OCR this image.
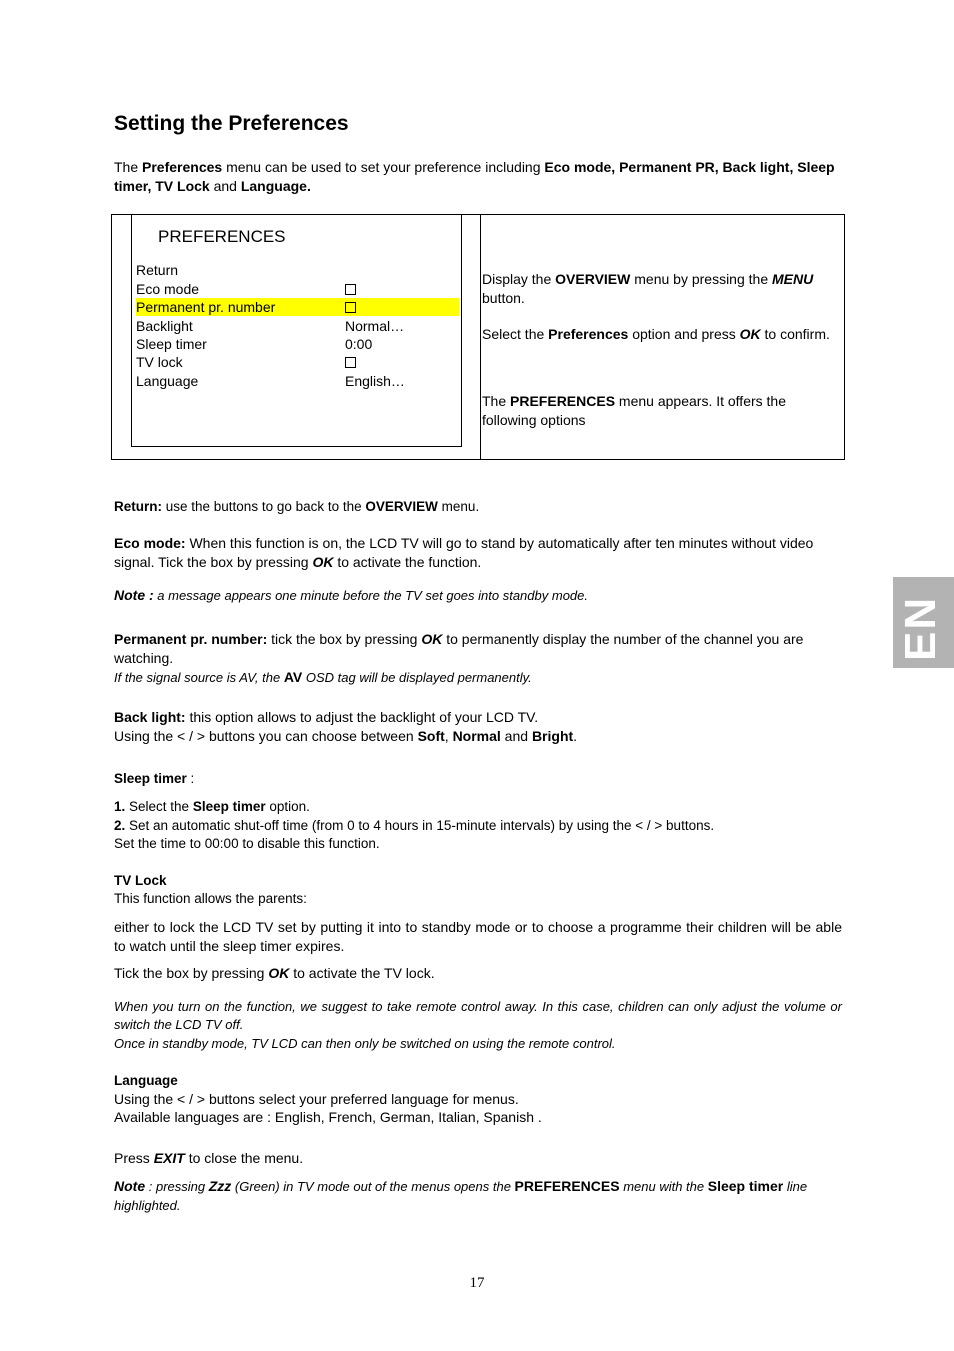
Setting the Preferences
The Preferences menu can be used to set your preference including Eco mode, Permanent PR, Back light, Sleep timer, TV Lock and Language.
PREFERENCES
Return
Eco mode
Permanent pr. number
Backlight	Normal…
Sleep timer	0:00
TV lock
Language	English…
Display the OVERVIEW menu by pressing the MENU button.
Select the Preferences option and press OK to confirm.
The PREFERENCES menu appears. It offers the following options
Return: use the buttons to go back to the OVERVIEW menu.
Eco mode: When this function is on, the LCD TV will go to stand by automatically after ten minutes without video signal. Tick the box by pressing OK to activate the function.
Note : a message appears one minute before the TV set goes into standby mode.
Permanent pr. number: tick the box by pressing OK to permanently display the number of the channel you are watching.
If the signal source is AV, the AV OSD tag will be displayed permanently.
Back light: this option allows to adjust the backlight of your LCD TV.
Using the < / > buttons you can choose between Soft, Normal and Bright.
Sleep timer :
1. Select the Sleep timer option.
2. Set an automatic shut-off time (from 0 to 4 hours in 15-minute intervals) by using the < / > buttons.
Set the time to 00:00 to disable this function.
TV Lock
This function allows the parents:
either to lock the LCD TV set by putting it into to standby mode or to choose a programme their children will be able to watch until the sleep timer expires.
Tick the box by pressing OK to activate the TV lock.
When you turn on the function, we suggest to take remote control away. In this case, children can only adjust the volume or switch the LCD TV off.
Once in standby mode, TV LCD can then only be switched on using the remote control.
Language
Using the < / > buttons select your preferred language for menus.
Available languages are : English, French, German, Italian, Spanish .
Press EXIT to close the menu.
Note : pressing Zzz (Green) in TV mode out of the menus opens the PREFERENCES menu with the Sleep timer line highlighted.
EN
17
